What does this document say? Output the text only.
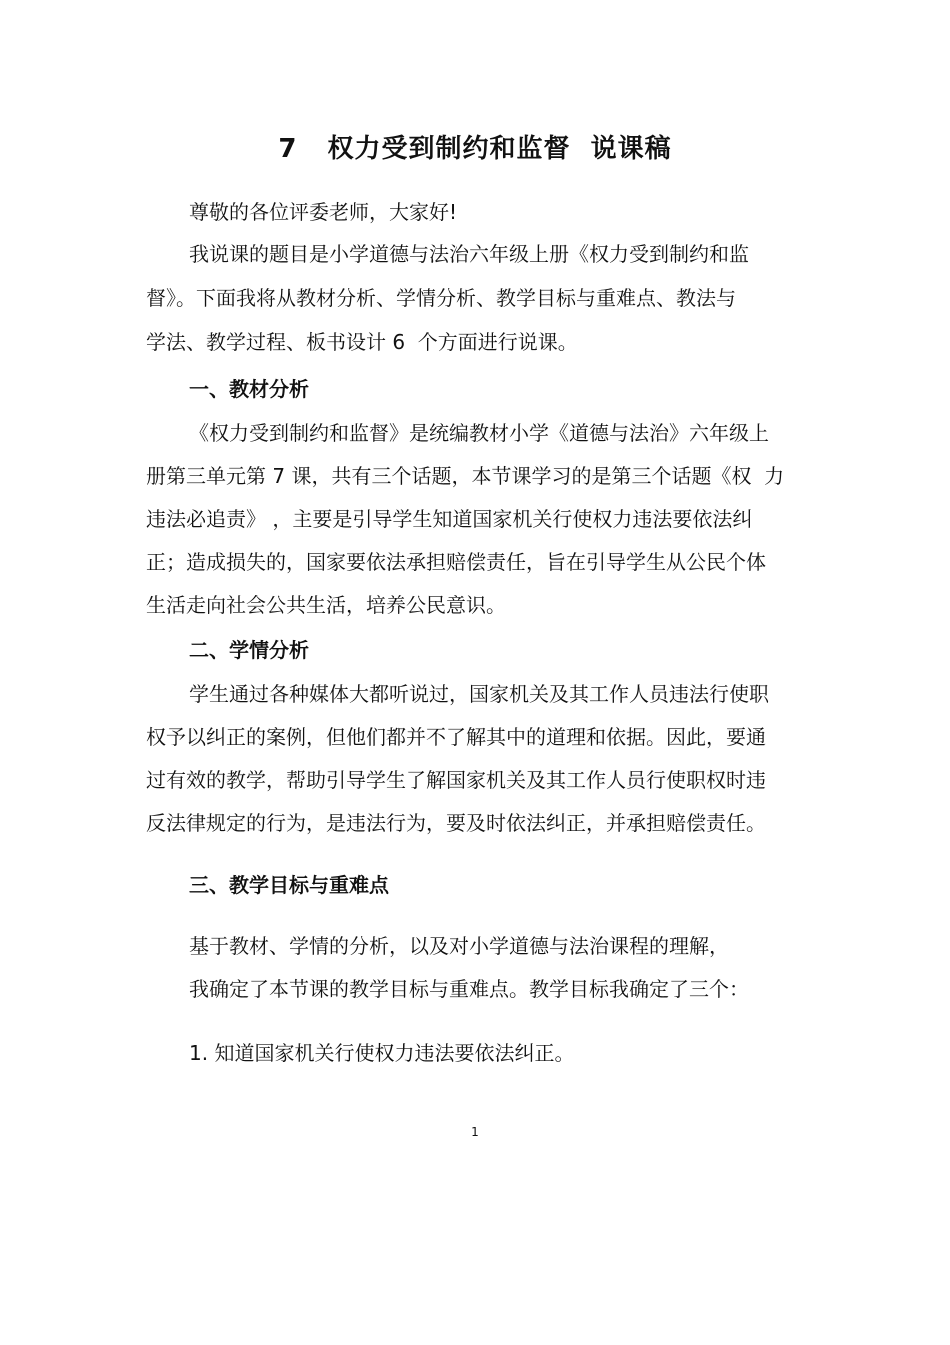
7   权力受到制约和监督  说课稿
尊敬的各位评委老师，大家好!
我说课的题目是小学道德与法治六年级上册《权力受到制约和监
督》。下面我将从教材分析、学情分析、教学目标与重难点、教法与
学法、教学过程、板书设计 6  个方面进行说课。
一、教材分析
《权力受到制约和监督》是统编教材小学《道德与法治》六年级上
册第三单元第 7 课，共有三个话题，本节课学习的是第三个话题《权  力
违法必追责》 ，主要是引导学生知道国家机关行使权力违法要依法纠
正；造成损失的，国家要依法承担赔偿责任，旨在引导学生从公民个体
生活走向社会公共生活，培养公民意识。
二、学情分析
学生通过各种媒体大都听说过，国家机关及其工作人员违法行使职
权予以纠正的案例，但他们都并不了解其中的道理和依据。因此，要通
过有效的教学，帮助引导学生了解国家机关及其工作人员行使职权时违
反法律规定的行为，是违法行为，要及时依法纠正，并承担赔偿责任。
三、教学目标与重难点
基于教材、学情的分析，以及对小学道德与法治课程的理解，
我确定了本节课的教学目标与重难点。教学目标我确定了三个：
1. 知道国家机关行使权力违法要依法纠正。
1
